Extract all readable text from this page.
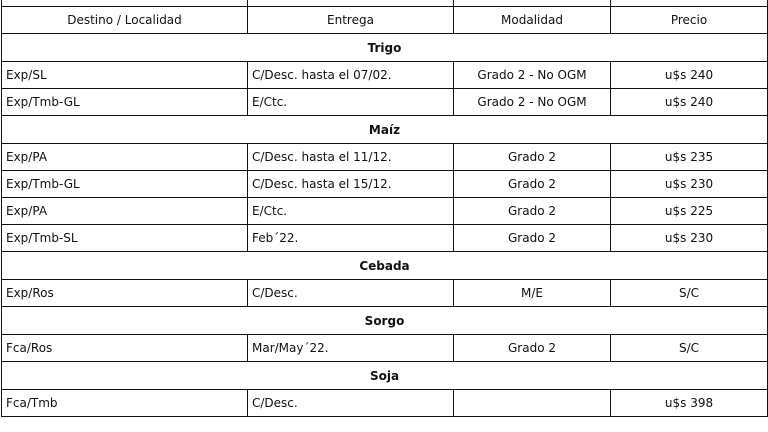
Destino / Localidad	Entrega	Modalidad	Precio
Trigo			
Exp/SL	C/Desc. hasta el 07/02.	Grado 2 - No OGM	u$s 240
Exp/Tmb-GL	E/Ctc.	Grado 2 - No OGM	u$s 240
Maíz			
Exp/PA	C/Desc. hasta el 11/12.	Grado 2	u$s 235
Exp/Tmb-GL	C/Desc. hasta el 15/12.	Grado 2	u$s 230
Exp/PA	E/Ctc.	Grado 2	u$s 225
Exp/Tmb-SL	Feb´22.	Grado 2	u$s 230
Cebada			
Exp/Ros	C/Desc.	M/E	S/C
Sorgo			
Fca/Ros	Mar/May´22.	Grado 2	S/C
Soja			
Fca/Tmb	C/Desc.		u$s 398
